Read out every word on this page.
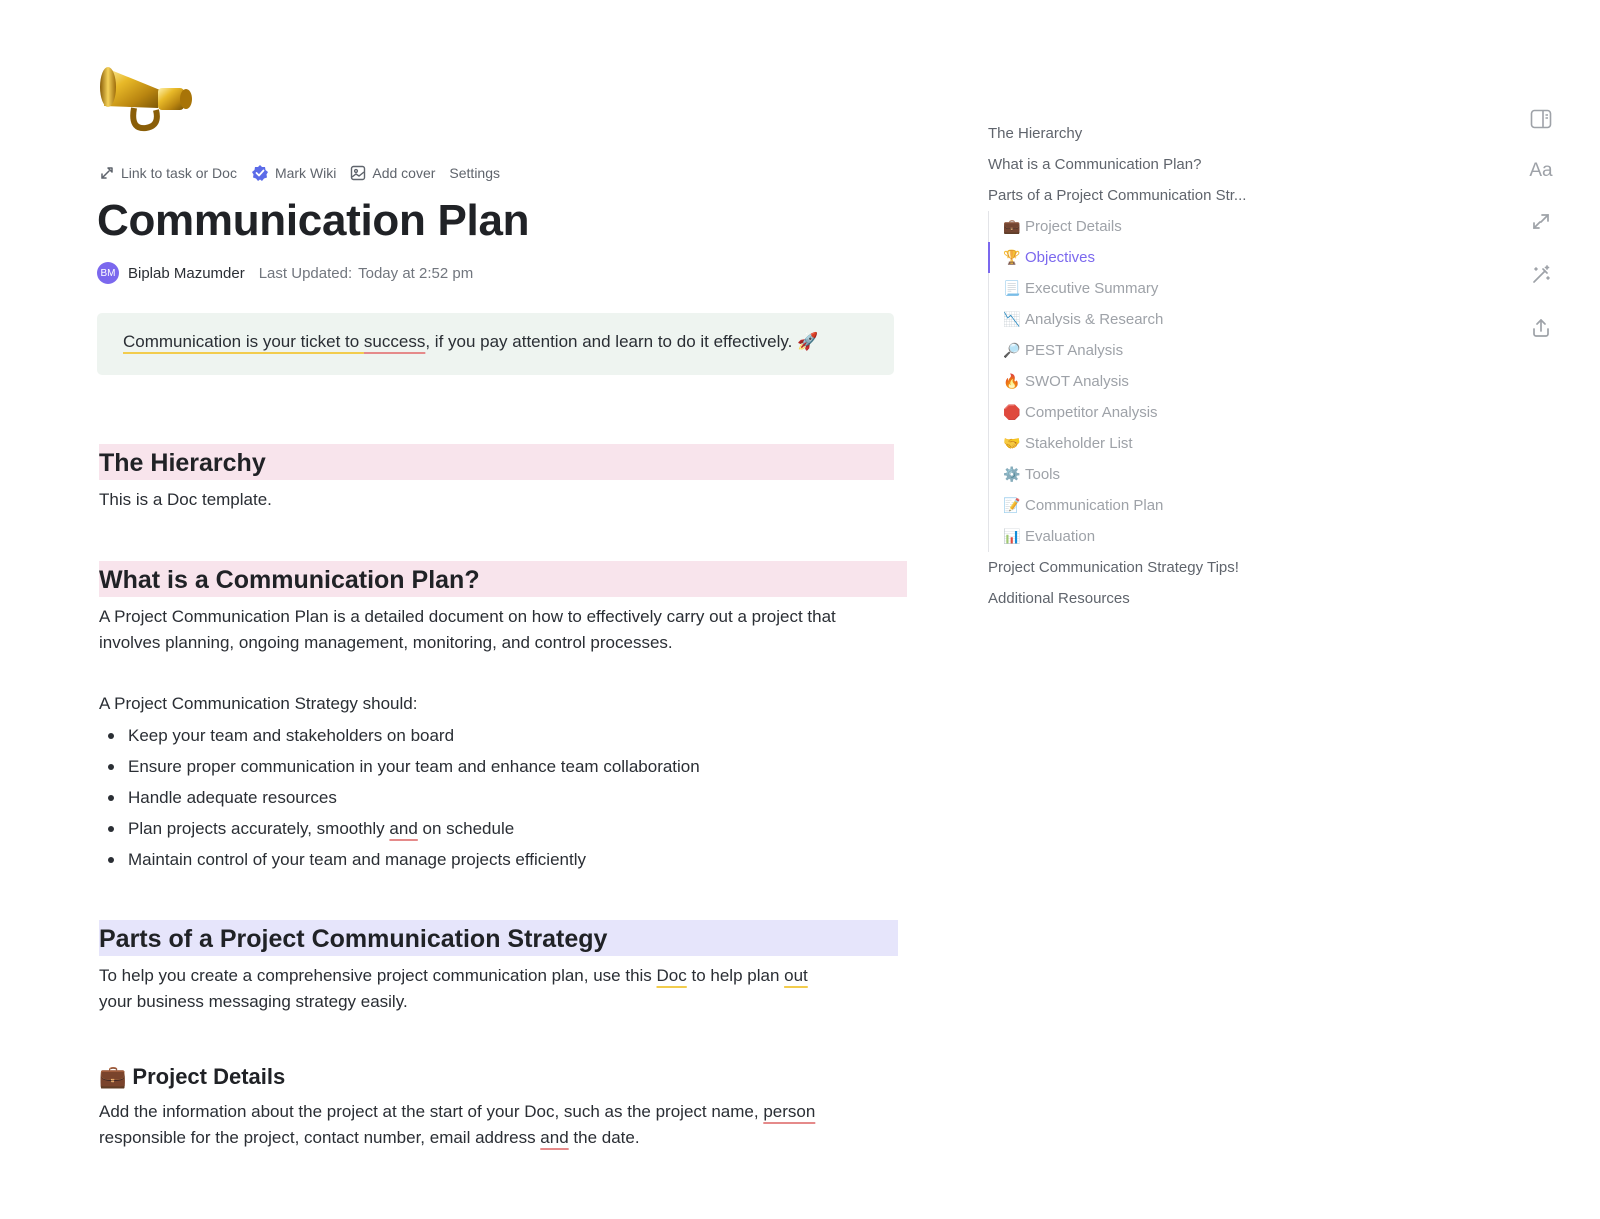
Link to task or Doc	Mark Wiki	Add cover Settings
Communication Plan
BM Biplab Mazumder Last Updated: Today at 2:52 pm
Communication is your ticket to success, if you pay attention and learn to do it effectively. 🚀
The Hierarchy
This is a Doc template.
What is a Communication Plan?
A Project Communication Plan is a detailed document on how to effectively carry out a project that
involves planning, ongoing management, monitoring, and control processes.
A Project Communication Strategy should:
Keep your team and stakeholders on board
Ensure proper communication in your team and enhance team collaboration
Handle adequate resources
Plan projects accurately, smoothly and on schedule
Maintain control of your team and manage projects efficiently
Parts of a Project Communication Strategy
To help you create a comprehensive project communication plan, use this Doc to help plan out
your business messaging strategy easily.
💼 Project Details
Add the information about the project at the start of your Doc, such as the project name, person
responsible for the project, contact number, email address and the date.
The Hierarchy
What is a Communication Plan?
Parts of a Project Communication Str...
💼 Project Details
🏆 Objectives
📃 Executive Summary
📉 Analysis & Research
🔎 PEST Analysis
🔥 SWOT Analysis
🛑 Competitor Analysis
🤝 Stakeholder List
⚙️ Tools
📝 Communication Plan
📊 Evaluation
Project Communication Strategy Tips!
Additional Resources
Aa
